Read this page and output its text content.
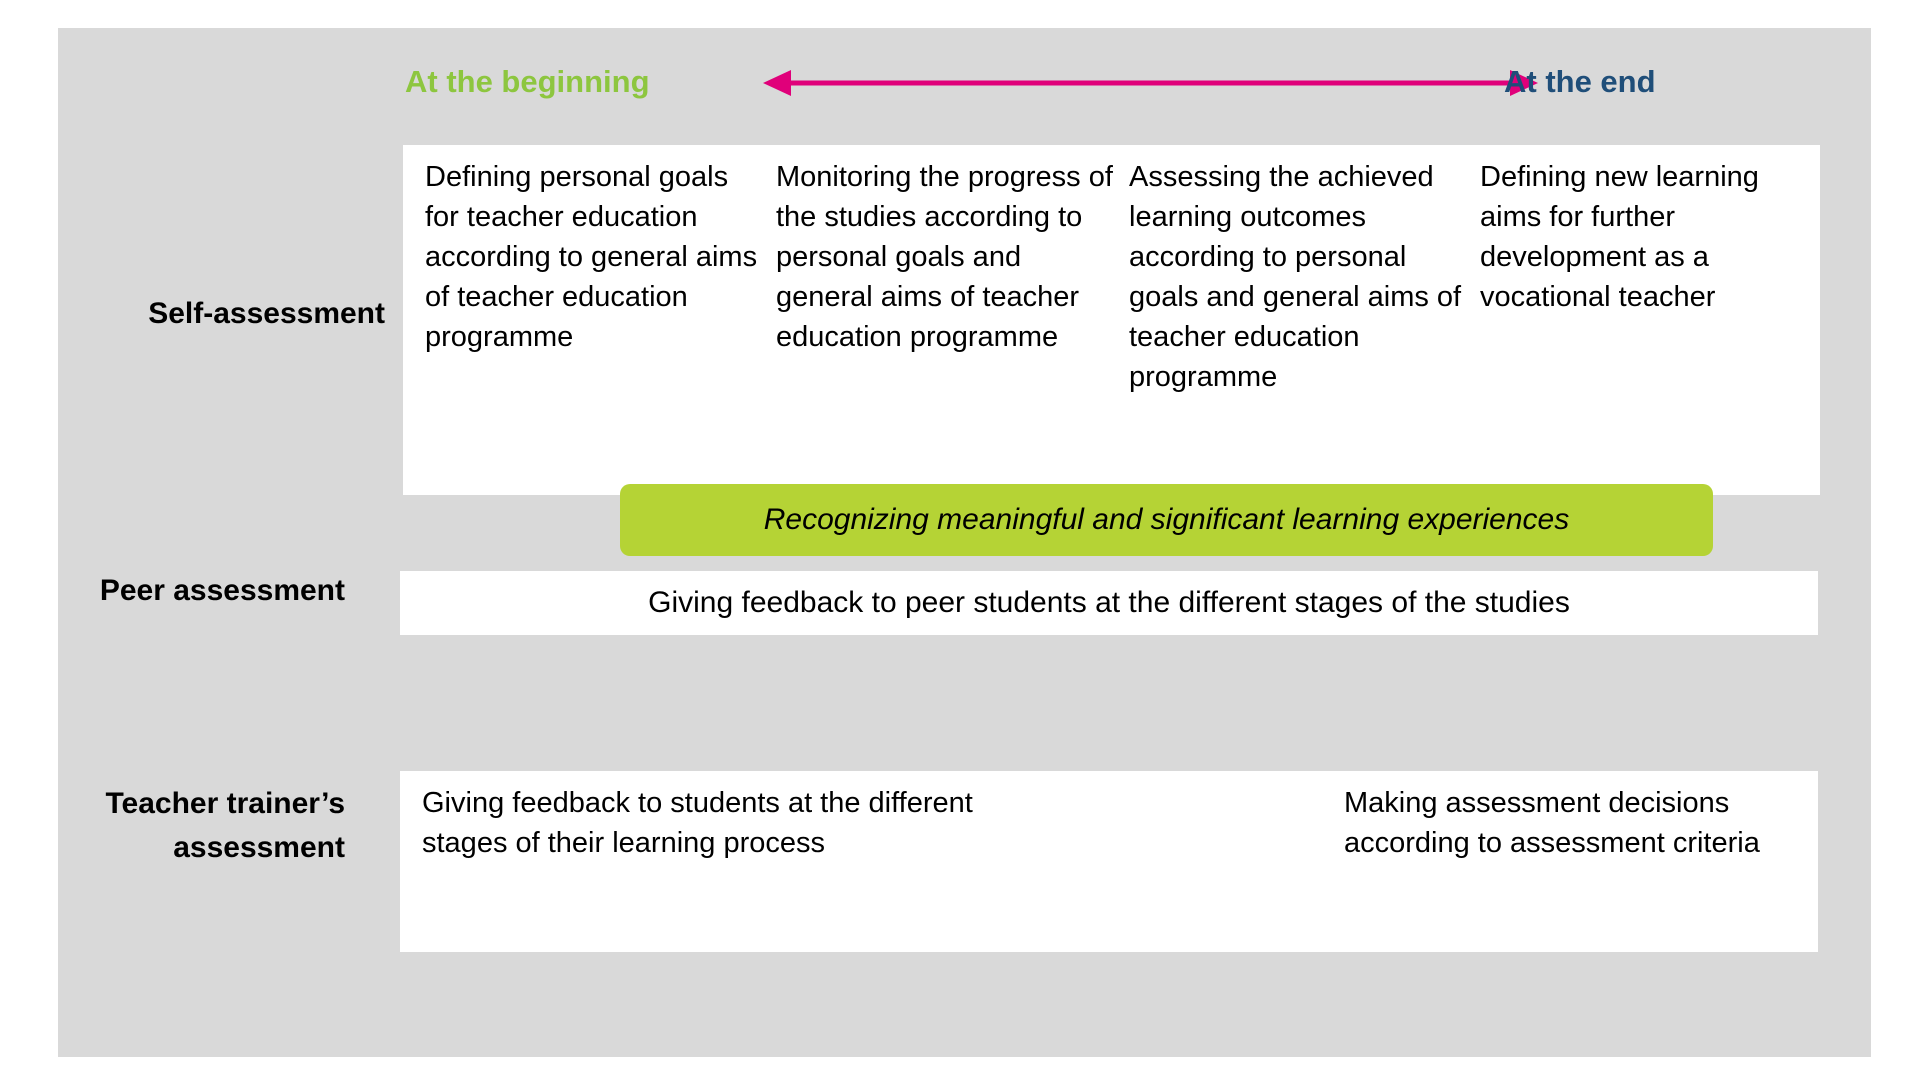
At the beginning	At the end
Self-assessment
Defining personal goals for teacher education according to general aims of teacher education programme
Monitoring the progress of the studies according to personal goals and general aims of teacher education programme
Assessing the achieved learning outcomes according to personal goals and general aims of teacher education programme
Defining new learning aims for further development as a vocational teacher
Recognizing meaningful and significant learning experiences
Peer assessment	Giving feedback to peer students at the different stages of the studies
Teacher trainer’s
assessment
Giving feedback to students at the different stages of their learning process
Making assessment decisions according to assessment criteria
